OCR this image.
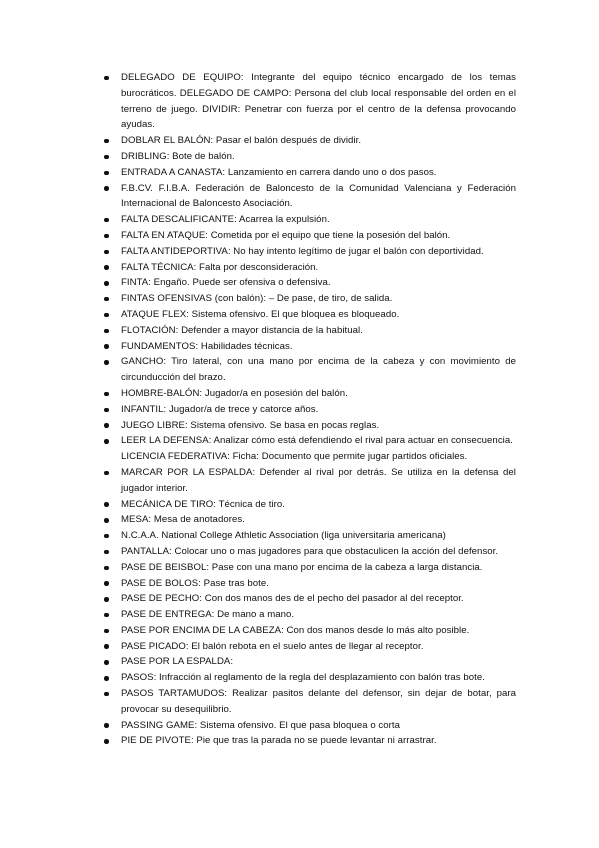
DELEGADO DE EQUIPO: Integrante del equipo técnico encargado de los temas burocráticos. DELEGADO DE CAMPO: Persona del club local responsable del orden en el terreno de juego. DIVIDIR: Penetrar con fuerza por el centro de la defensa provocando ayudas.
DOBLAR EL BALÓN: Pasar el balón después de dividir.
DRIBLING: Bote de balón.
ENTRADA A CANASTA: Lanzamiento en carrera dando uno o dos pasos.
F.B.CV. F.I.B.A. Federación de Baloncesto de la Comunidad Valenciana y Federación Internacional de Baloncesto Asociación.
FALTA DESCALIFICANTE: Acarrea la expulsión.
FALTA EN ATAQUE: Cometida por el equipo que tiene la posesión del balón.
FALTA ANTIDEPORTIVA: No hay intento legítimo de jugar el balón con deportividad.
FALTA TÉCNICA: Falta por desconsideración.
FINTA: Engaño. Puede ser ofensiva o defensiva.
FINTAS OFENSIVAS (con balón): – De pase, de tiro, de salida.
ATAQUE FLEX: Sistema ofensivo. El que bloquea es bloqueado.
FLOTACIÓN: Defender a mayor distancia de la habitual.
FUNDAMENTOS: Habilidades técnicas.
GANCHO: Tiro lateral, con una mano por encima de la cabeza y con movimiento de circunducción del brazo.
HOMBRE-BALÓN: Jugador/a en posesión del balón.
INFANTIL: Jugador/a de trece y catorce años.
JUEGO LIBRE: Sistema ofensivo. Se basa en pocas reglas.
LEER LA DEFENSA: Analizar cómo está defendiendo el rival para actuar en consecuencia.
LICENCIA FEDERATIVA: Ficha: Documento que permite jugar partidos oficiales.
MARCAR POR LA ESPALDA: Defender al rival por detrás. Se utiliza en la defensa del jugador interior.
MECÁNICA DE TIRO: Técnica de tiro.
MESA: Mesa de anotadores.
N.C.A.A. National College Athletic Association (liga universitaria americana)
PANTALLA: Colocar uno o mas jugadores para que obstaculicen la acción del defensor.
PASE DE BEISBOL: Pase con una mano por encima de la cabeza a larga distancia.
PASE DE BOLOS: Pase tras bote.
PASE DE PECHO: Con dos manos des de el pecho del pasador al del receptor.
PASE DE ENTREGA: De mano a mano.
PASE POR ENCIMA DE LA CABEZA: Con dos manos desde lo más alto posible.
PASE PICADO: El balón rebota en el suelo antes de llegar al receptor.
PASE POR LA ESPALDA:
PASOS: Infracción al reglamento de la regla del desplazamiento con balón tras bote.
PASOS TARTAMUDOS: Realizar pasitos delante del defensor, sin dejar de botar, para provocar su desequilibrio.
PASSING GAME: Sistema ofensivo. El que pasa bloquea o corta
PIE DE PIVOTE: Pie que tras la parada no se puede levantar ni arrastrar.
